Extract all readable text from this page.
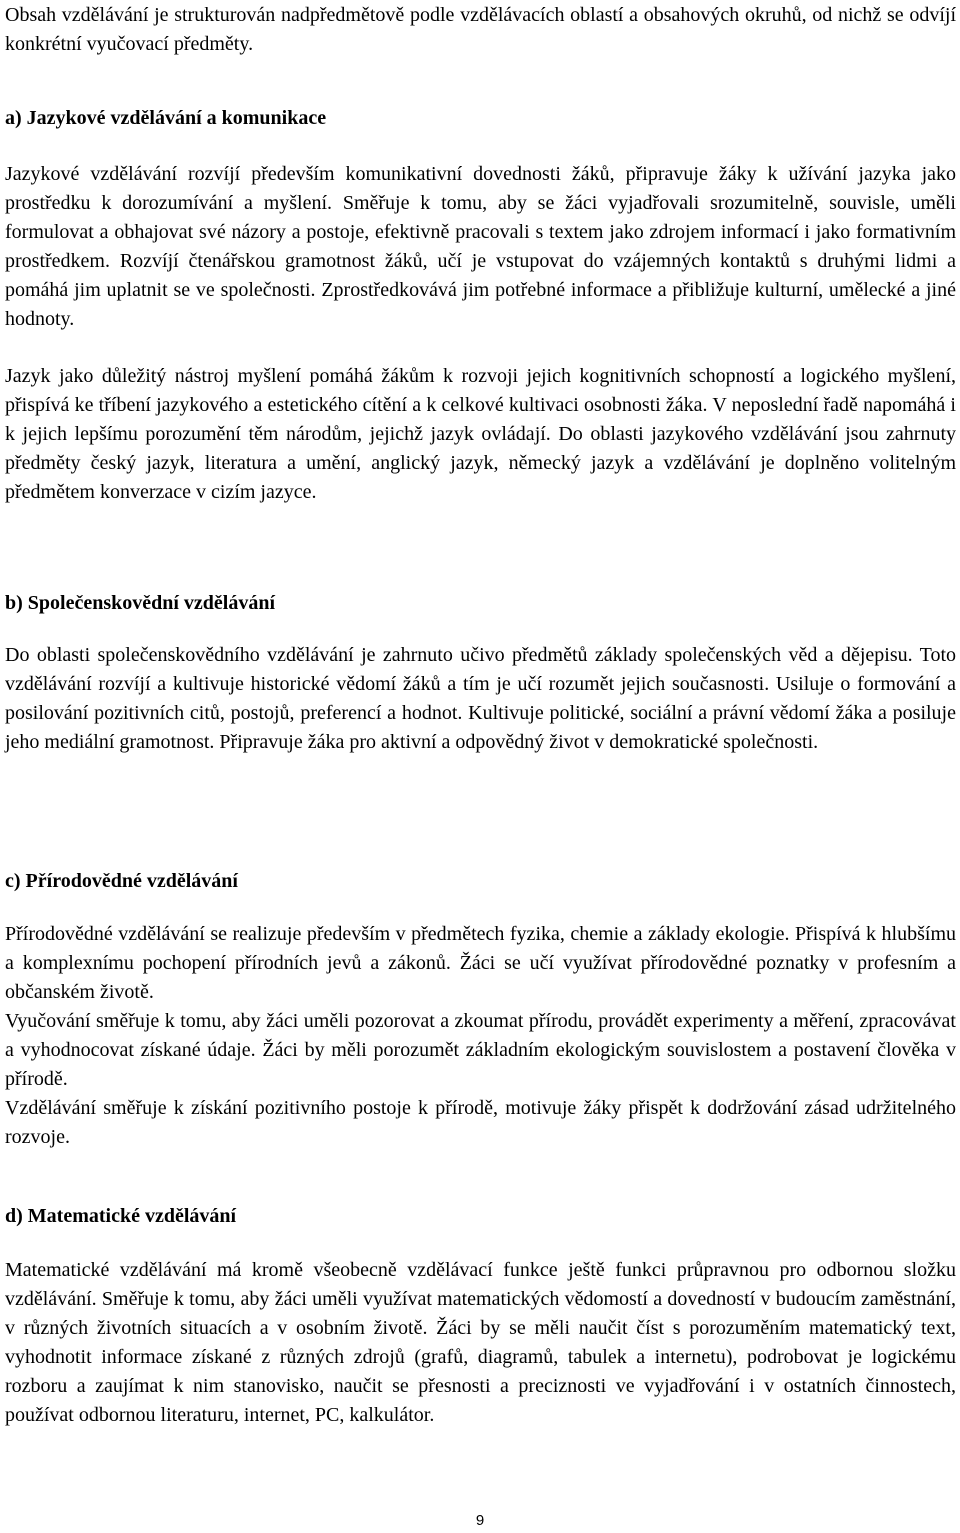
Obsah vzdělávání je strukturován nadpředmětově podle vzdělávacích oblastí a obsahových okruhů, od nichž se odvíjí konkrétní vyučovací předměty.

a) Jazykové vzdělávání a komunikace

Jazykové vzdělávání rozvíjí především komunikativní dovednosti žáků, připravuje žáky k užívání jazyka jako prostředku k dorozumívání a myšlení. Směřuje k tomu, aby se žáci vyjadřovali srozumitelně, souvisle, uměli formulovat a obhajovat své názory a postoje, efektivně pracovali s textem jako zdrojem informací i jako formativním prostředkem. Rozvíjí čtenářskou gramotnost žáků, učí je vstupovat do vzájemných kontaktů s druhými lidmi a pomáhá jim uplatnit se ve společnosti. Zprostředkovává jim potřebné informace a přibližuje kulturní, umělecké a jiné hodnoty.

Jazyk jako důležitý nástroj myšlení pomáhá žákům k rozvoji jejich kognitivních schopností a logického myšlení, přispívá ke tříbení jazykového a estetického cítění a k celkové kultivaci osobnosti žáka. V neposlední řadě napomáhá i k jejich lepšímu porozumění těm národům, jejichž jazyk ovládají. Do oblasti jazykového vzdělávání jsou zahrnuty předměty český jazyk, literatura a umění, anglický jazyk, německý jazyk a vzdělávání je doplněno volitelným předmětem konverzace v cizím jazyce.

b) Společenskovědní vzdělávání

Do oblasti společenskovědního vzdělávání je zahrnuto učivo předmětů základy společenských věd a dějepisu. Toto vzdělávání rozvíjí a kultivuje historické vědomí žáků a tím je učí rozumět jejich současnosti. Usiluje o formování a posilování pozitivních citů, postojů, preferencí a hodnot. Kultivuje politické, sociální a právní vědomí žáka a posiluje jeho mediální gramotnost. Připravuje žáka pro aktivní a odpovědný život v demokratické společnosti.

c) Přírodovědné vzdělávání

Přírodovědné vzdělávání se realizuje především v předmětech fyzika, chemie a základy ekologie. Přispívá k hlubšímu a komplexnímu pochopení přírodních jevů a zákonů. Žáci se učí využívat přírodovědné poznatky v profesním a občanském životě.

Vyučování směřuje k tomu, aby žáci uměli pozorovat a zkoumat přírodu, provádět experimenty a měření, zpracovávat a vyhodnocovat získané údaje. Žáci by měli porozumět základním ekologickým souvislostem a postavení člověka v přírodě.

Vzdělávání směřuje k získání pozitivního postoje k přírodě, motivuje žáky přispět k dodržování zásad udržitelného rozvoje.

d) Matematické vzdělávání

Matematické vzdělávání má kromě všeobecně vzdělávací funkce ještě funkci průpravnou pro odbornou složku vzdělávání. Směřuje k tomu, aby žáci uměli využívat matematických vědomostí a dovedností v budoucím zaměstnání, v různých životních situacích a v osobním životě. Žáci by se měli naučit číst s porozuměním matematický text, vyhodnotit informace získané z různých zdrojů (grafů, diagramů, tabulek a internetu), podrobovat je logickému rozboru a zaujímat k nim stanovisko, naučit se přesnosti a preciznosti ve vyjadřování i v ostatních činnostech, používat odbornou literaturu, internet, PC, kalkulátor.

9
